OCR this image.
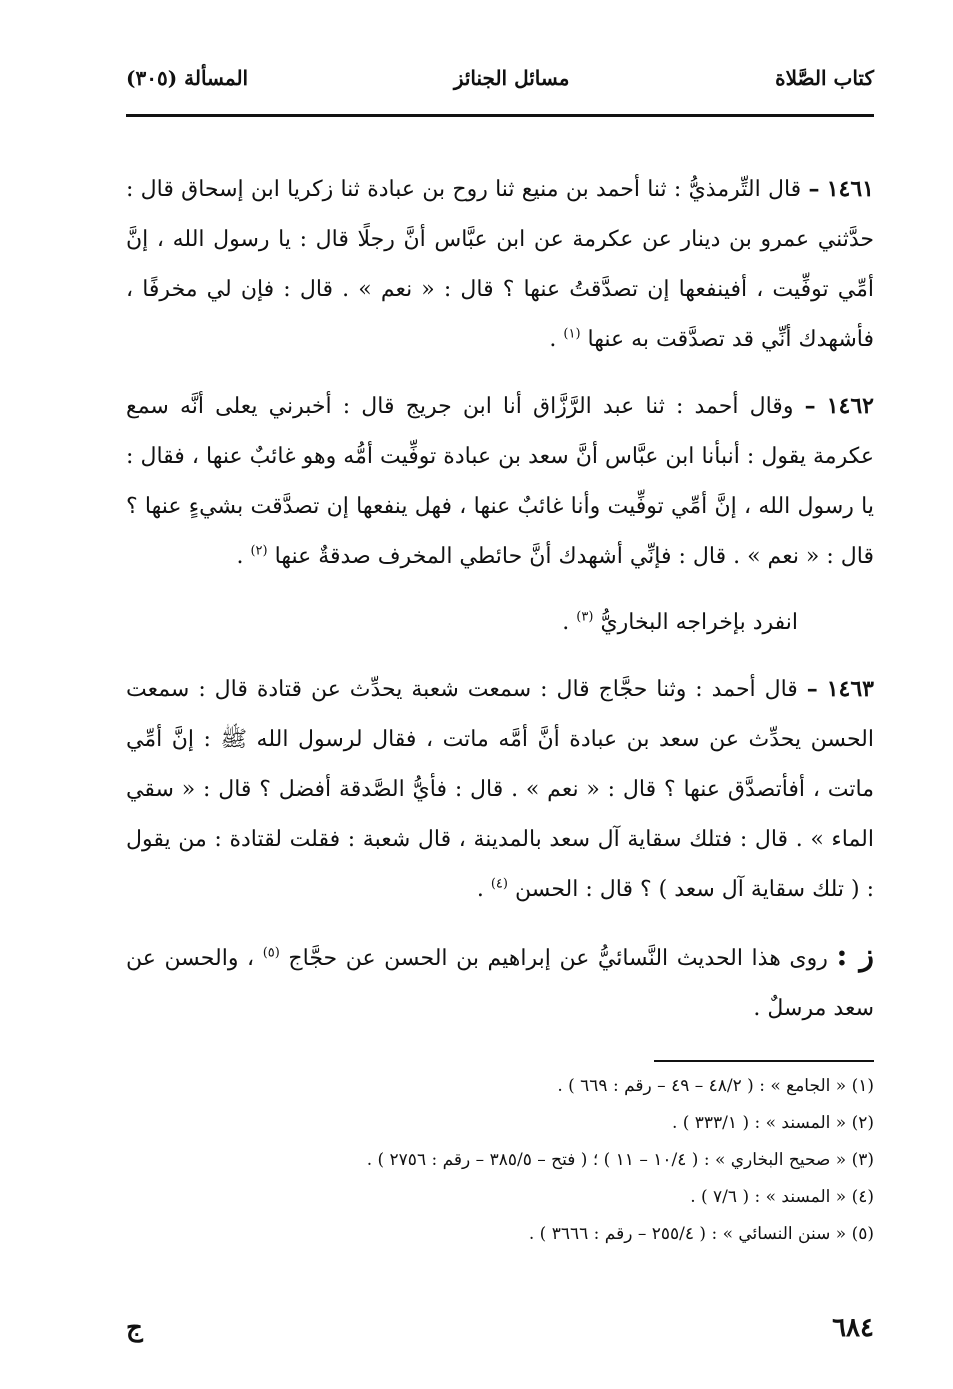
كتاب الصَّلاة
مسائل الجنائز
المسألة (٣٠٥)

١٤٦١ – قال التِّرمذيُّ : ثنا أحمد بن منيع ثنا روح بن عبادة ثنا زكريا ابن إسحاق قال : حدَّثني عمرو بن دينار عن عكرمة عن ابن عبَّاس أنَّ رجلًا قال : يا رسول الله ، إنَّ أمِّي توفِّيت ، أفينفعها إن تصدَّقتُ عنها ؟ قال : « نعم » . قال : فإن لي مخرفًا ، فأشهدك أنِّي قد تصدَّقت به عنها $^{(١)}$ .

١٤٦٢ – وقال أحمد : ثنا عبد الرَّزَّاق أنا ابن جريج قال : أخبرني يعلى أنَّه سمع عكرمة يقول : أنبأنا ابن عبَّاس أنَّ سعد بن عبادة توفِّيت أمُّه وهو غائبٌ عنها ، فقال : يا رسول الله ، إنَّ أمِّي توفِّيت وأنا غائبٌ عنها ، فهل ينفعها إن تصدَّقت بشيءٍ عنها ؟ قال : « نعم » . قال : فإنِّي أشهدك أنَّ حائطي المخرف صدقةٌ عنها $^{(٢)}$ .

انفرد بإخراجه البخاريُّ $^{(٣)}$ .

١٤٦٣ – قال أحمد : وثنا حجَّاج قال : سمعت شعبة يحدِّث عن قتادة قال : سمعت الحسن يحدِّث عن سعد بن عبادة أنَّ أمَّه ماتت ، فقال لرسول الله ﷺ : إنَّ أمِّي ماتت ، أفأتصدَّق عنها ؟ قال : « نعم » . قال : فأيُّ الصَّدقة أفضل ؟ قال : « سقي الماء » . قال : فتلك سقاية آل سعد بالمدينة ، قال شعبة : فقلت لقتادة : من يقول : ( تلك سقاية آل سعد ) ؟ قال : الحسن $^{(٤)}$ .

ز : روى هذا الحديث النَّسائيُّ عن إبراهيم بن الحسن عن حجَّاج $^{(٥)}$ ، والحسن عن سعد مرسلٌ .

(١) « الجامع » : ( ٤٨/٢ – ٤٩ – رقم : ٦٦٩ ) .
(٢) « المسند » : ( ٣٣٣/١ ) .
(٣) « صحيح البخاري » : ( ١٠/٤ – ١١ ) ؛ ( فتح – ٣٨٥/٥ – رقم : ٢٧٥٦ ) .
(٤) « المسند » : ( ٧/٦ ) .
(٥) « سنن النسائي » : ( ٢٥٥/٤ – رقم : ٣٦٦٦ ) .
٦٨٤
ج
